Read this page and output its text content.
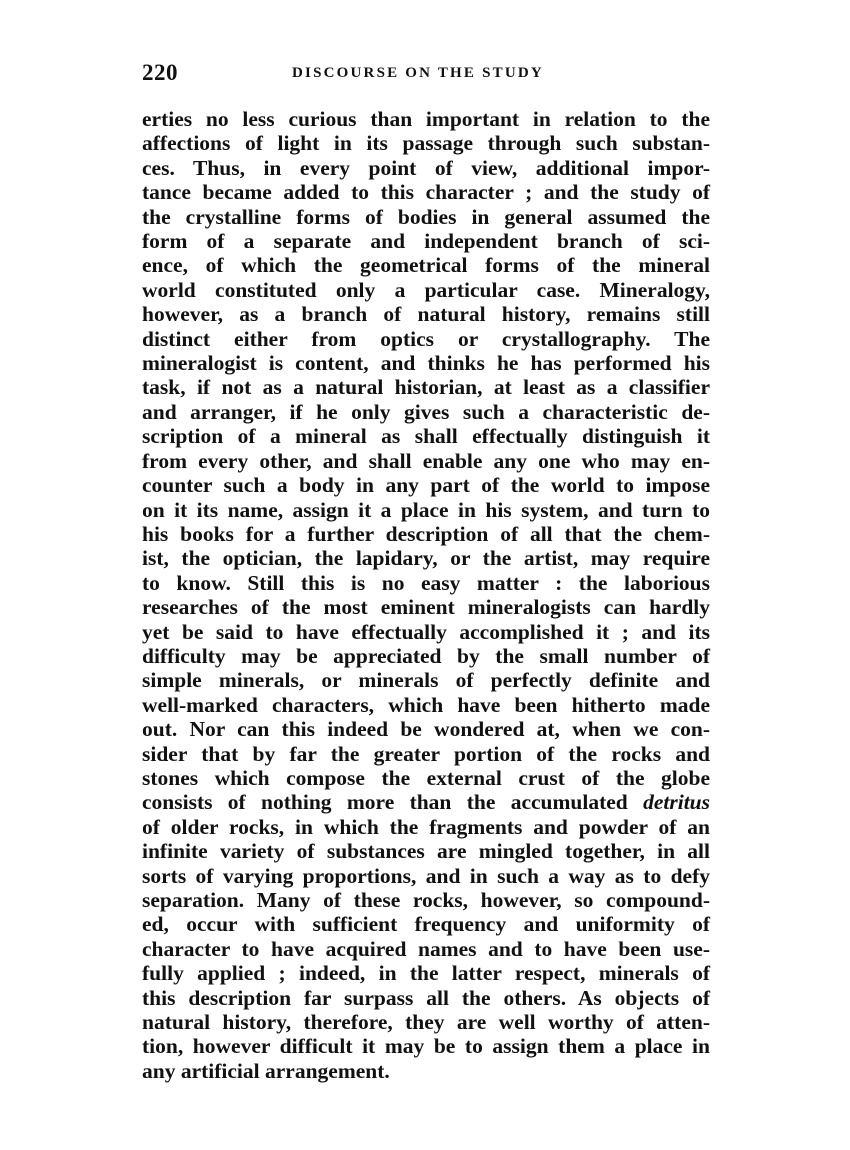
220	DISCOURSE ON THE STUDY
erties no less curious than important in relation to the
affections of light in its passage through such substan-
ces. Thus, in every point of view, additional impor-
tance became added to this character ; and the study of
the crystalline forms of bodies in general assumed the
form of a separate and independent branch of sci-
ence, of which the geometrical forms of the mineral
world constituted only a particular case. Mineralogy,
however, as a branch of natural history, remains still
distinct either from optics or crystallography. The
mineralogist is content, and thinks he has performed his
task, if not as a natural historian, at least as a classifier
and arranger, if he only gives such a characteristic de-
scription of a mineral as shall effectually distinguish it
from every other, and shall enable any one who may en-
counter such a body in any part of the world to impose
on it its name, assign it a place in his system, and turn to
his books for a further description of all that the chem-
ist, the optician, the lapidary, or the artist, may require
to know. Still this is no easy matter : the laborious
researches of the most eminent mineralogists can hardly
yet be said to have effectually accomplished it ; and its
difficulty may be appreciated by the small number of
simple minerals, or minerals of perfectly definite and
well-marked characters, which have been hitherto made
out. Nor can this indeed be wondered at, when we con-
sider that by far the greater portion of the rocks and
stones which compose the external crust of the globe
consists of nothing more than the accumulated detritus
of older rocks, in which the fragments and powder of an
infinite variety of substances are mingled together, in all
sorts of varying proportions, and in such a way as to defy
separation. Many of these rocks, however, so compound-
ed, occur with sufficient frequency and uniformity of
character to have acquired names and to have been use-
fully applied ; indeed, in the latter respect, minerals of
this description far surpass all the others. As objects of
natural history, therefore, they are well worthy of atten-
tion, however difficult it may be to assign them a place in
any artificial arrangement.
